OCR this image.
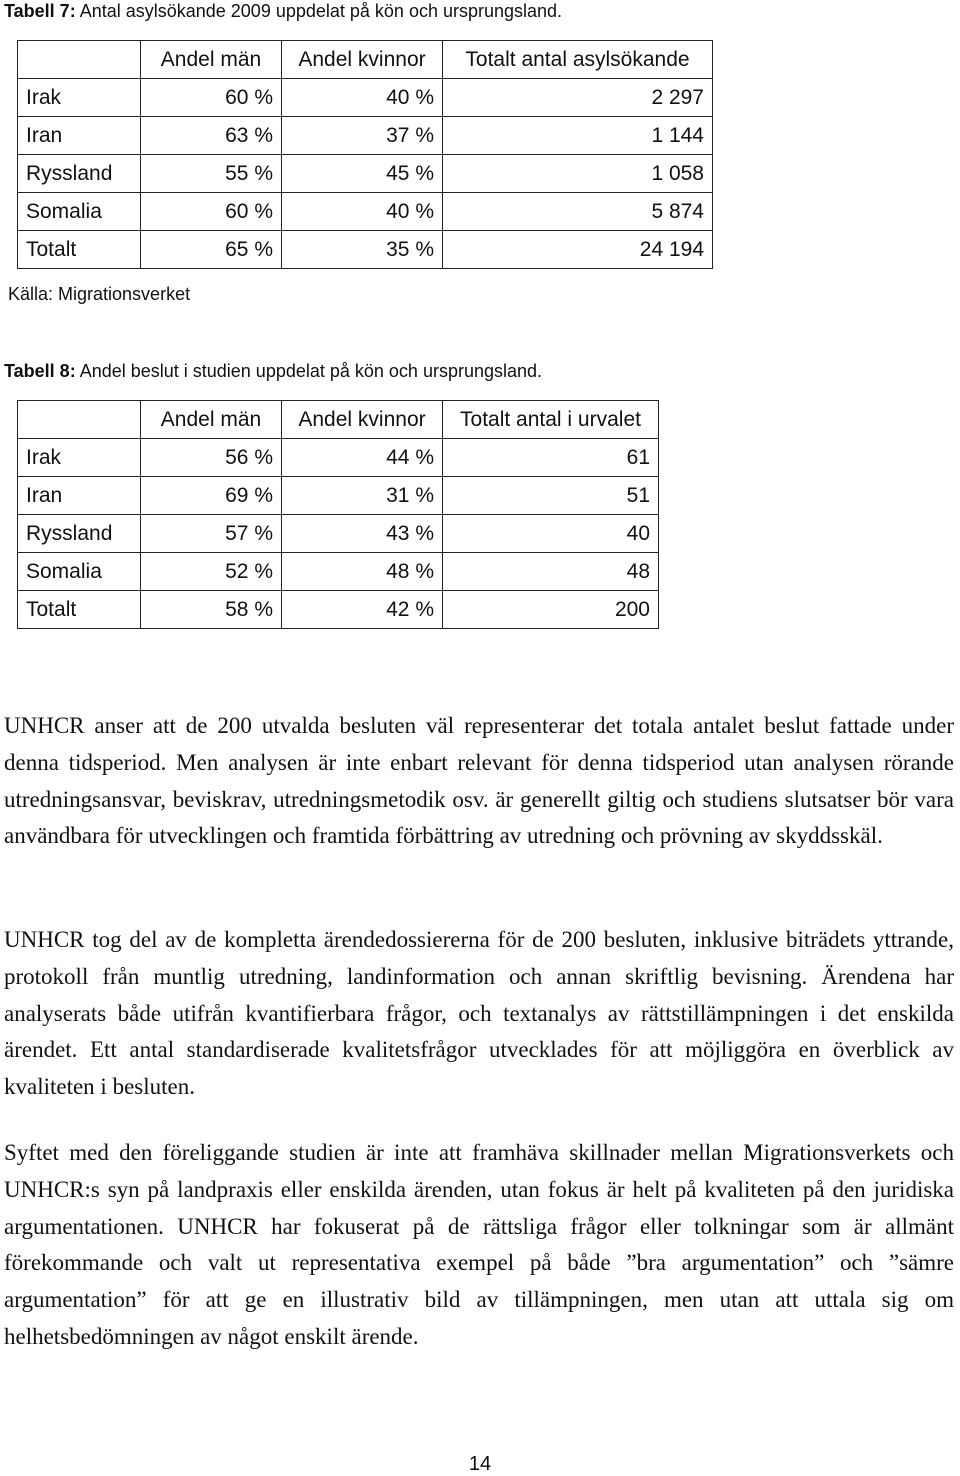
Tabell 7: Antal asylsökande 2009 uppdelat på kön och ursprungsland.
	Andel män	Andel kvinnor	Totalt antal asylsökande
Irak	60 %	40 %	2 297
Iran	63 %	37 %	1 144
Ryssland	55 %	45 %	1 058
Somalia	60 %	40 %	5 874
Totalt	65 %	35 %	24 194
Källa: Migrationsverket
Tabell 8: Andel beslut i studien uppdelat på kön och ursprungsland.
	Andel män	Andel kvinnor	Totalt antal i urvalet
Irak	56 %	44 %	61
Iran	69 %	31 %	51
Ryssland	57 %	43 %	40
Somalia	52 %	48 %	48
Totalt	58 %	42 %	200

UNHCR anser att de 200 utvalda besluten väl representerar det totala antalet beslut fattade under denna tidsperiod. Men analysen är inte enbart relevant för denna tidsperiod utan analysen rörande utredningsansvar, beviskrav, utredningsmetodik osv. är generellt giltig och studiens slutsatser bör vara användbara för utvecklingen och framtida förbättring av utredning och prövning av skyddsskäl.

UNHCR tog del av de kompletta ärendedossiererna för de 200 besluten, inklusive biträdets yttrande, protokoll från muntlig utredning, landinformation och annan skriftlig bevisning. Ärendena har analyserats både utifrån kvantifierbara frågor, och textanalys av rättstillämpningen i det enskilda ärendet. Ett antal standardiserade kvalitetsfrågor utvecklades för att möjliggöra en överblick av kvaliteten i besluten.

Syftet med den föreliggande studien är inte att framhäva skillnader mellan Migrationsverkets och UNHCR:s syn på landpraxis eller enskilda ärenden, utan fokus är helt på kvaliteten på den juridiska argumentationen. UNHCR har fokuserat på de rättsliga frågor eller tolkningar som är allmänt förekommande och valt ut representativa exempel på både ”bra argumentation” och ”sämre argumentation” för att ge en illustrativ bild av tillämpningen, men utan att uttala sig om helhetsbedömningen av något enskilt ärende.

14
